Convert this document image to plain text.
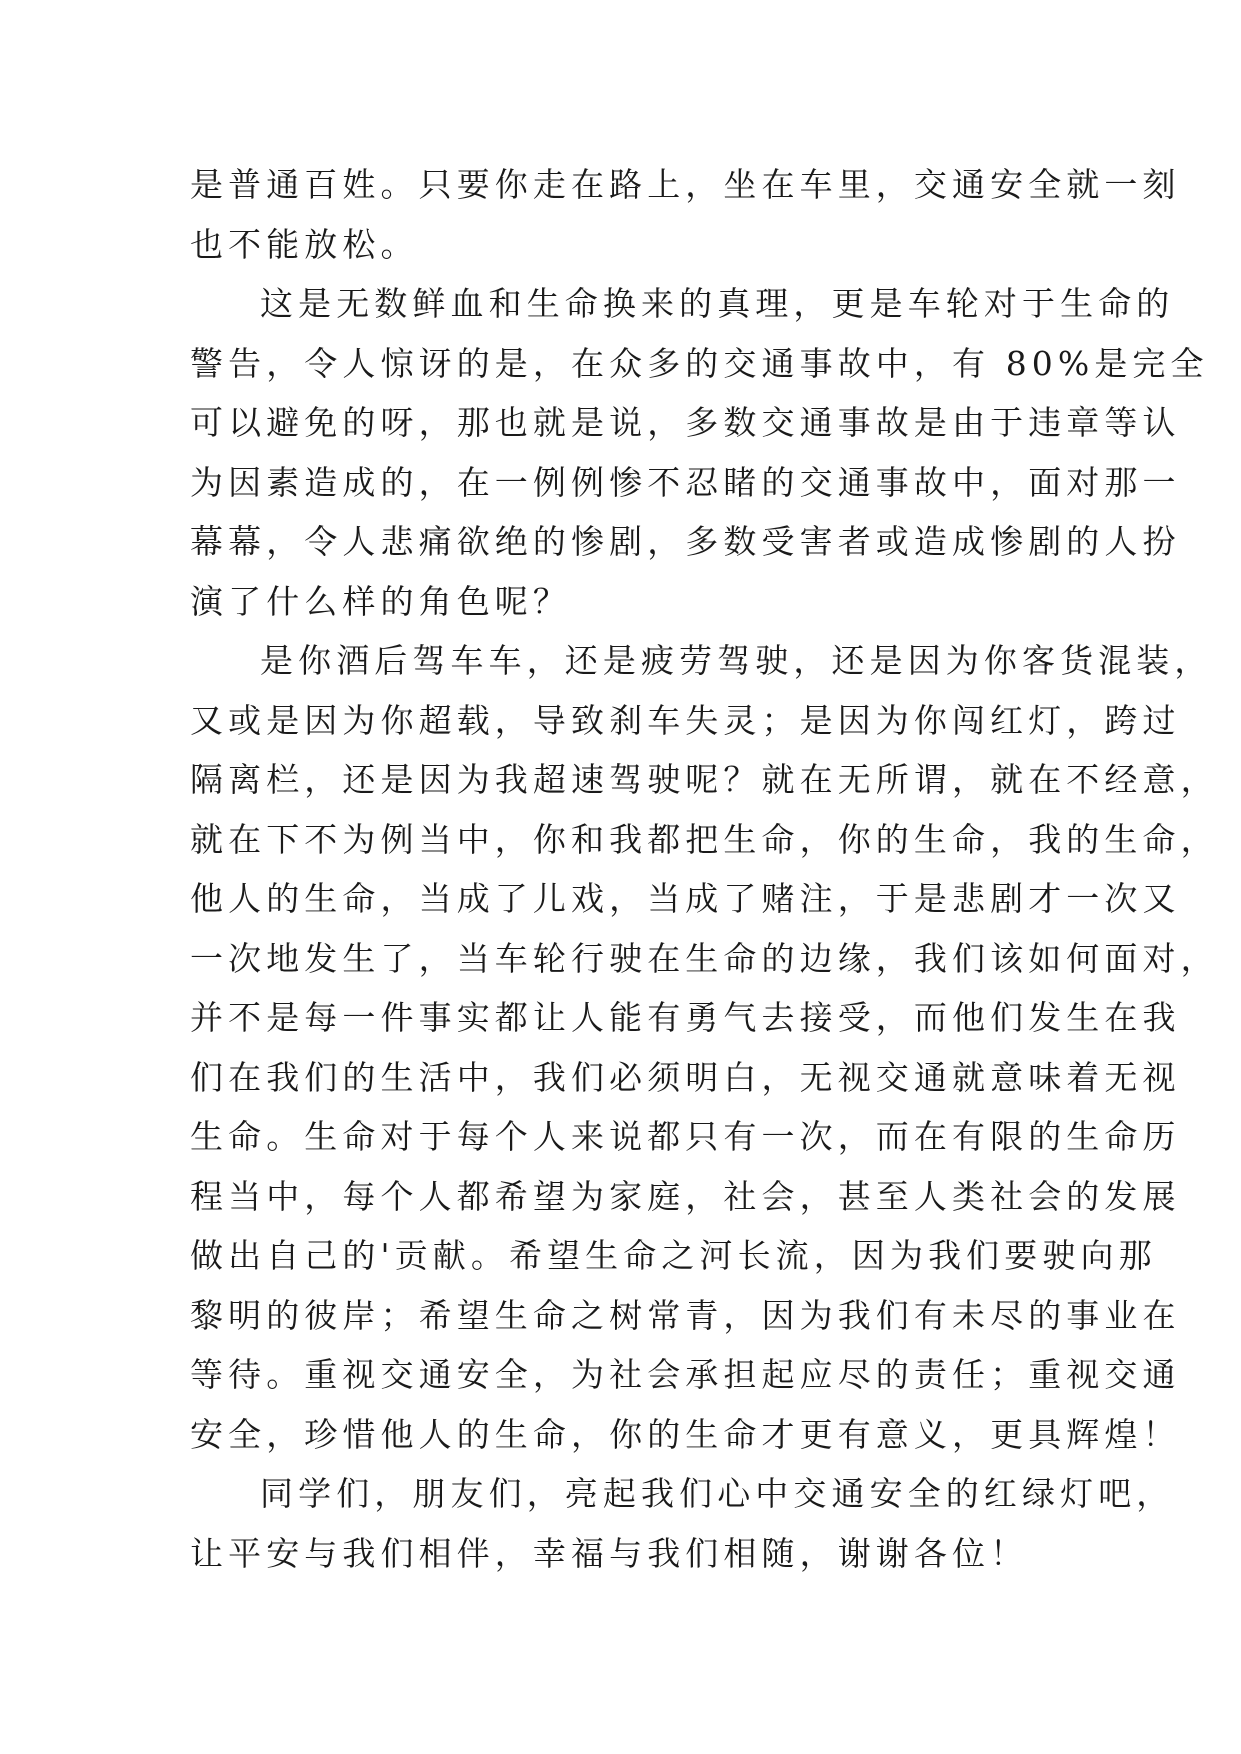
是普通百姓。只要你走在路上，坐在车里，交通安全就一刻
也不能放松。
这是无数鲜血和生命换来的真理，更是车轮对于生命的
警告，令人惊讶的是，在众多的交通事故中，有 80%是完全
可以避免的呀，那也就是说，多数交通事故是由于违章等认
为因素造成的，在一例例惨不忍睹的交通事故中，面对那一
幕幕，令人悲痛欲绝的惨剧，多数受害者或造成惨剧的人扮
演了什么样的角色呢？
是你酒后驾车车，还是疲劳驾驶，还是因为你客货混装，
又或是因为你超载，导致刹车失灵；是因为你闯红灯，跨过
隔离栏，还是因为我超速驾驶呢？就在无所谓，就在不经意，
就在下不为例当中，你和我都把生命，你的生命，我的生命，
他人的生命，当成了儿戏，当成了赌注，于是悲剧才一次又
一次地发生了，当车轮行驶在生命的边缘，我们该如何面对，
并不是每一件事实都让人能有勇气去接受，而他们发生在我
们在我们的生活中，我们必须明白，无视交通就意味着无视
生命。生命对于每个人来说都只有一次，而在有限的生命历
程当中，每个人都希望为家庭，社会，甚至人类社会的发展
做出自己的'贡献。希望生命之河长流，因为我们要驶向那
黎明的彼岸；希望生命之树常青，因为我们有未尽的事业在
等待。重视交通安全，为社会承担起应尽的责任；重视交通
安全，珍惜他人的生命，你的生命才更有意义，更具辉煌！
同学们，朋友们，亮起我们心中交通安全的红绿灯吧，
让平安与我们相伴，幸福与我们相随，谢谢各位！
